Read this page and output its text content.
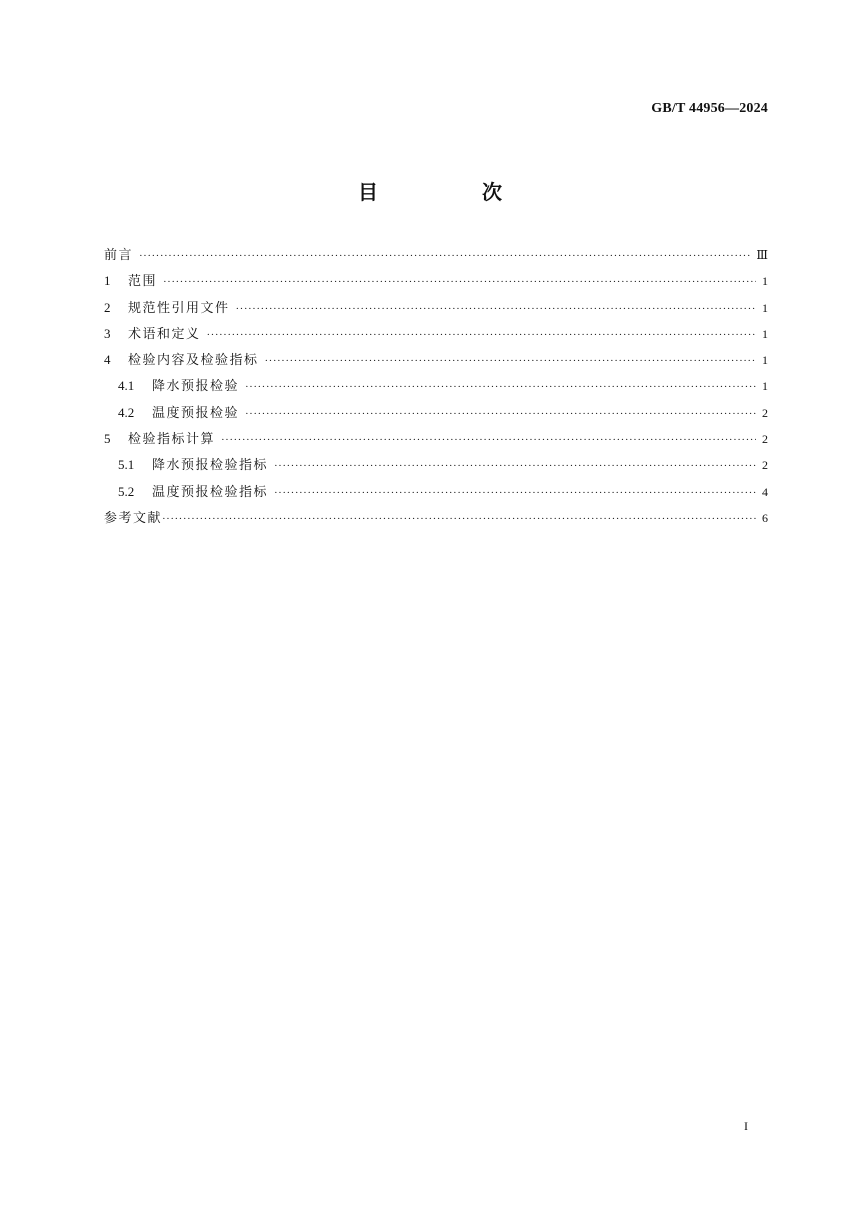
GB/T 44956—2024
目　次
前言 ·····	Ⅲ
1	范围 ·····	1
2	规范性引用文件 ·····	1
3	术语和定义 ·····	1
4	检验内容及检验指标 ·····	1
4.1	降水预报检验 ·····	1
4.2	温度预报检验 ·····	2
5	检验指标计算 ·····	2
5.1	降水预报检验指标 ·····	2
5.2	温度预报检验指标 ·····	4
参考文献 ·····	6
I
